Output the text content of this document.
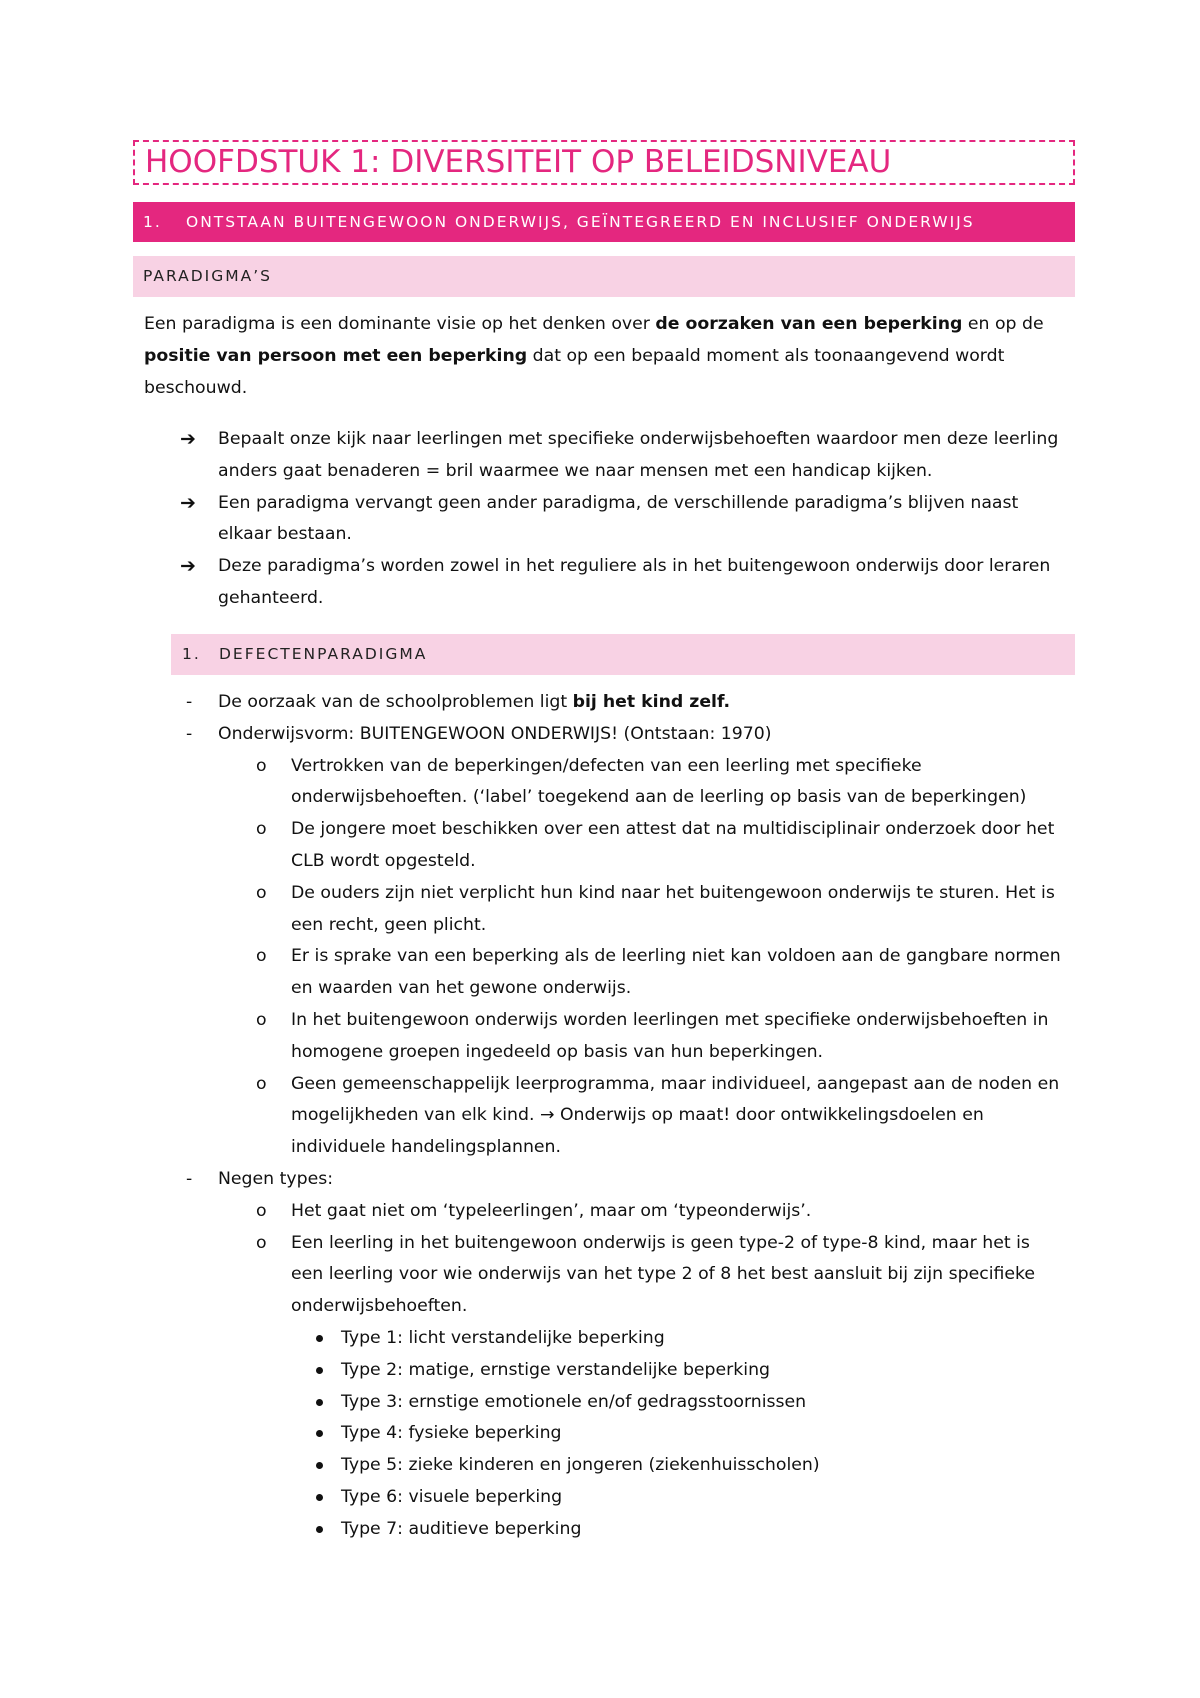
HOOFDSTUK 1: DIVERSITEIT OP BELEIDSNIVEAU
1. ONTSTAAN BUITENGEWOON ONDERWIJS, GEÏNTEGREERD EN INCLUSIEF ONDERWIJS
PARADIGMA’S
Een paradigma is een dominante visie op het denken over de oorzaken van een beperking en op de positie van persoon met een beperking dat op een bepaald moment als toonaangevend wordt beschouwd.
➔ Bepaalt onze kijk naar leerlingen met specifieke onderwijsbehoeften waardoor men deze leerling anders gaat benaderen = bril waarmee we naar mensen met een handicap kijken.
➔ Een paradigma vervangt geen ander paradigma, de verschillende paradigma’s blijven naast elkaar bestaan.
➔ Deze paradigma’s worden zowel in het reguliere als in het buitengewoon onderwijs door leraren gehanteerd.
1. DEFECTENPARADIGMA
- De oorzaak van de schoolproblemen ligt bij het kind zelf.
- Onderwijsvorm: BUITENGEWOON ONDERWIJS! (Ontstaan: 1970)
o Vertrokken van de beperkingen/defecten van een leerling met specifieke onderwijsbehoeften. (‘label’ toegekend aan de leerling op basis van de beperkingen)
o De jongere moet beschikken over een attest dat na multidisciplinair onderzoek door het CLB wordt opgesteld.
o De ouders zijn niet verplicht hun kind naar het buitengewoon onderwijs te sturen. Het is een recht, geen plicht.
o Er is sprake van een beperking als de leerling niet kan voldoen aan de gangbare normen en waarden van het gewone onderwijs.
o In het buitengewoon onderwijs worden leerlingen met specifieke onderwijsbehoeften in homogene groepen ingedeeld op basis van hun beperkingen.
o Geen gemeenschappelijk leerprogramma, maar individueel, aangepast aan de noden en mogelijkheden van elk kind. → Onderwijs op maat! door ontwikkelingsdoelen en individuele handelingsplannen.
- Negen types:
o Het gaat niet om ‘typeleerlingen’, maar om ‘typeonderwijs’.
o Een leerling in het buitengewoon onderwijs is geen type-2 of type-8 kind, maar het is een leerling voor wie onderwijs van het type 2 of 8 het best aansluit bij zijn specifieke onderwijsbehoeften.
Type 1: licht verstandelijke beperking
Type 2: matige, ernstige verstandelijke beperking
Type 3: ernstige emotionele en/of gedragsstoornissen
Type 4: fysieke beperking
Type 5: zieke kinderen en jongeren (ziekenhuisscholen)
Type 6: visuele beperking
Type 7: auditieve beperking
